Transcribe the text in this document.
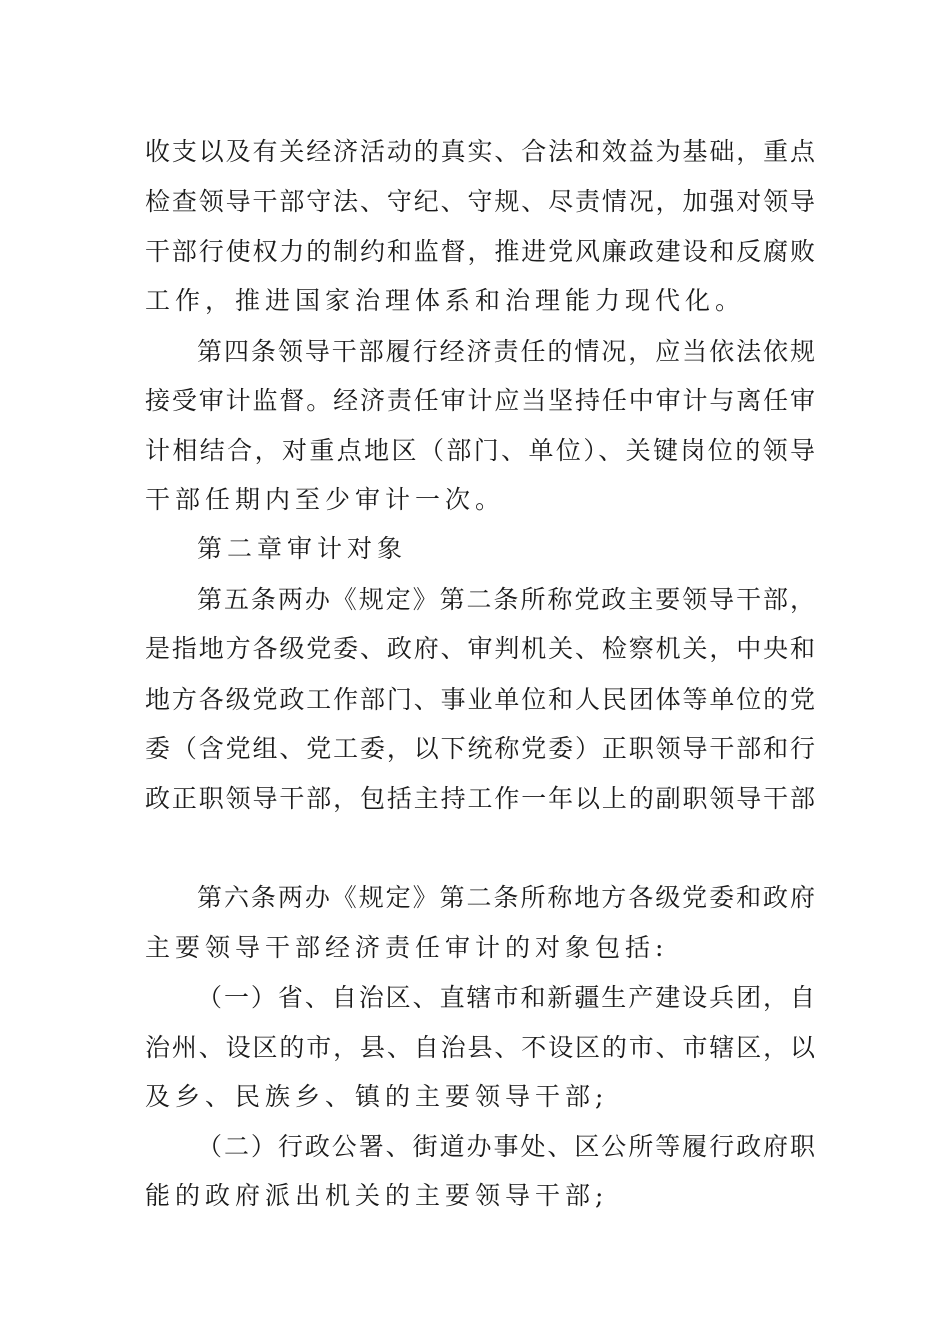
收支以及有关经济活动的真实、合法和效益为基础，重点
检查领导干部守法、守纪、守规、尽责情况，加强对领导
干部行使权力的制约和监督，推进党风廉政建设和反腐败
工作，推进国家治理体系和治理能力现代化。
第四条领导干部履行经济责任的情况，应当依法依规
接受审计监督。经济责任审计应当坚持任中审计与离任审
计相结合，对重点地区（部门、单位）、关键岗位的领导
干部任期内至少审计一次。
第二章审计对象
第五条两办《规定》第二条所称党政主要领导干部，
是指地方各级党委、政府、审判机关、检察机关，中央和
地方各级党政工作部门、事业单位和人民团体等单位的党
委（含党组、党工委，以下统称党委）正职领导干部和行
政正职领导干部，包括主持工作一年以上的副职领导干部
第六条两办《规定》第二条所称地方各级党委和政府
主要领导干部经济责任审计的对象包括:
（一）省、自治区、直辖市和新疆生产建设兵团，自
治州、设区的市，县、自治县、不设区的市、市辖区，以
及乡、民族乡、镇的主要领导干部;
（二）行政公署、街道办事处、区公所等履行政府职
能的政府派出机关的主要领导干部;
